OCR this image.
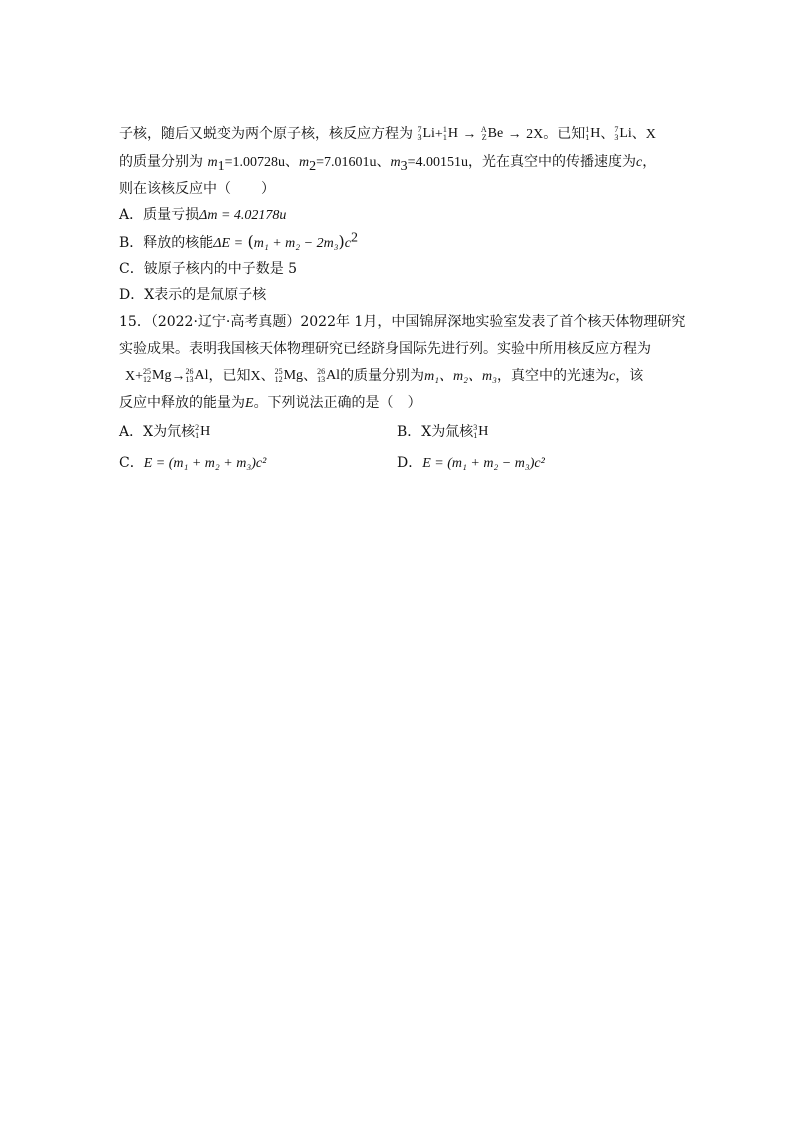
子核，随后又蜕变为两个原子核，核反应方程为 7
3 Li + 1
1 H → A
Z Be → 2X。已知 1
1 H 、 7
3 Li 、X
的质量分别为 $m_1=1.00728u$、$m_2=7.01601u$、$m_3=4.00151u$，光在真空中的传播速度为c，
则在该核反应中（ ）
A．质量亏损Δm = 4.02178u
B．释放的核能$\Delta E = (m_1 + m_2 - 2m_3)c^2$
C．铍原子核内的中子数是 5
D．X表示的是氚原子核
15．（2022·辽宁·高考真题）2022年 1月，中国锦屏深地实验室发表了首个核天体物理研究
实验成果。表明我国核天体物理研究已经跻身国际先进行列。实验中所用核反应方程为
X+ 25
12 Mg → 26
13 Al ，已知X、 25
12 Mg 、 26
13 Al 的质量分别为m₁、m₂、m₃，真空中的光速为c，该
反应中释放的能量为E。下列说法正确的是（ ）
A．X为氘核 2
1 H	B．X为氚核 3
1 H
C．E = (m₁ + m₂ + m₃)c²	D．E = (m₁ + m₂ − m₃)c²
